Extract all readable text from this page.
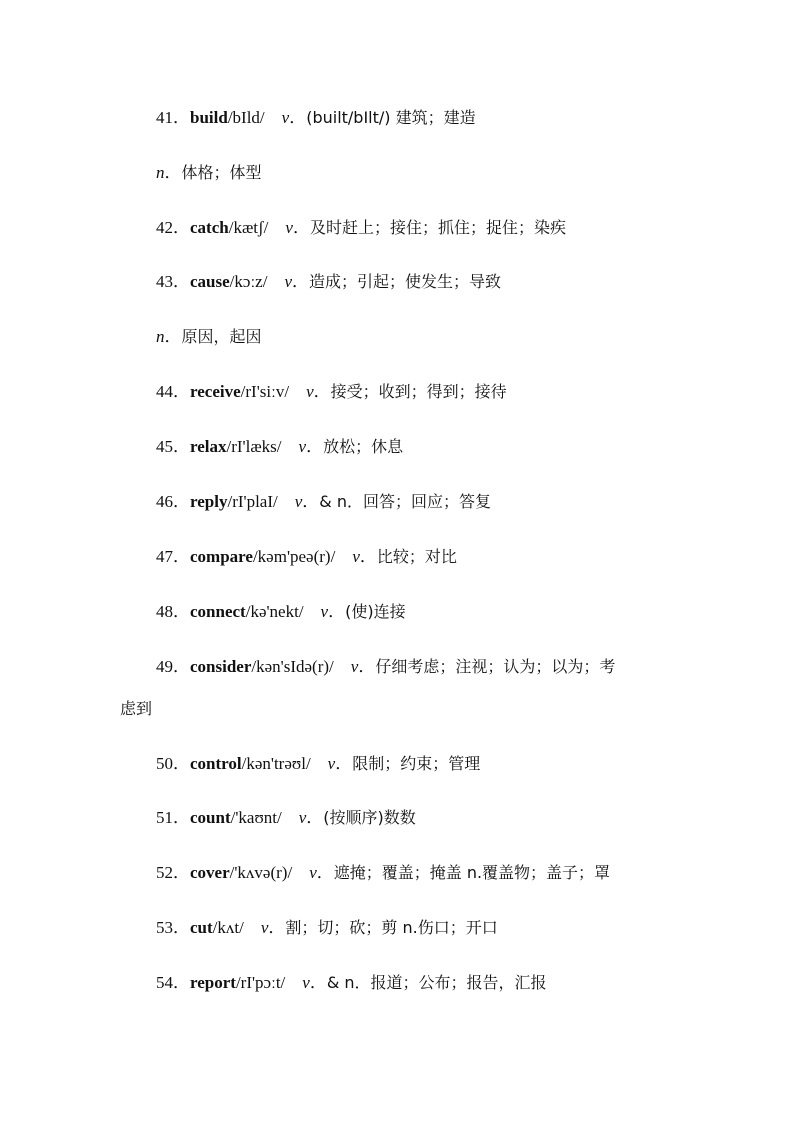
41．build/bIld/ v．(built/bIlt/) 建筑；建造
n．体格；体型
42．catch/kætʃ/ v．及时赶上；接住；抓住；捉住；染疾
43．cause/kɔːz/ v．造成；引起；使发生；导致
n．原因，起因
44．receive/rI'siːv/ v．接受；收到；得到；接待
45．relax/rI'læks/ v．放松；休息
46．reply/rI'plaI/ v．& n．回答；回应；答复
47．compare/kəm'peə(r)/ v．比较；对比
48．connect/kə'nekt/ v．(使)连接
49．consider/kən'sIdə(r)/ v．仔细考虑；注视；认为；以为；考
虑到
50．control/kən'trəʊl/ v．限制；约束；管理
51．count/'kaʊnt/ v．(按顺序)数数
52．cover/'kʌvə(r)/ v．遮掩；覆盖；掩盖 n.覆盖物；盖子；罩
53．cut/kʌt/ v．割；切；砍；剪 n.伤口；开口
54．report/rI'pɔːt/ v．& n．报道；公布；报告，汇报
